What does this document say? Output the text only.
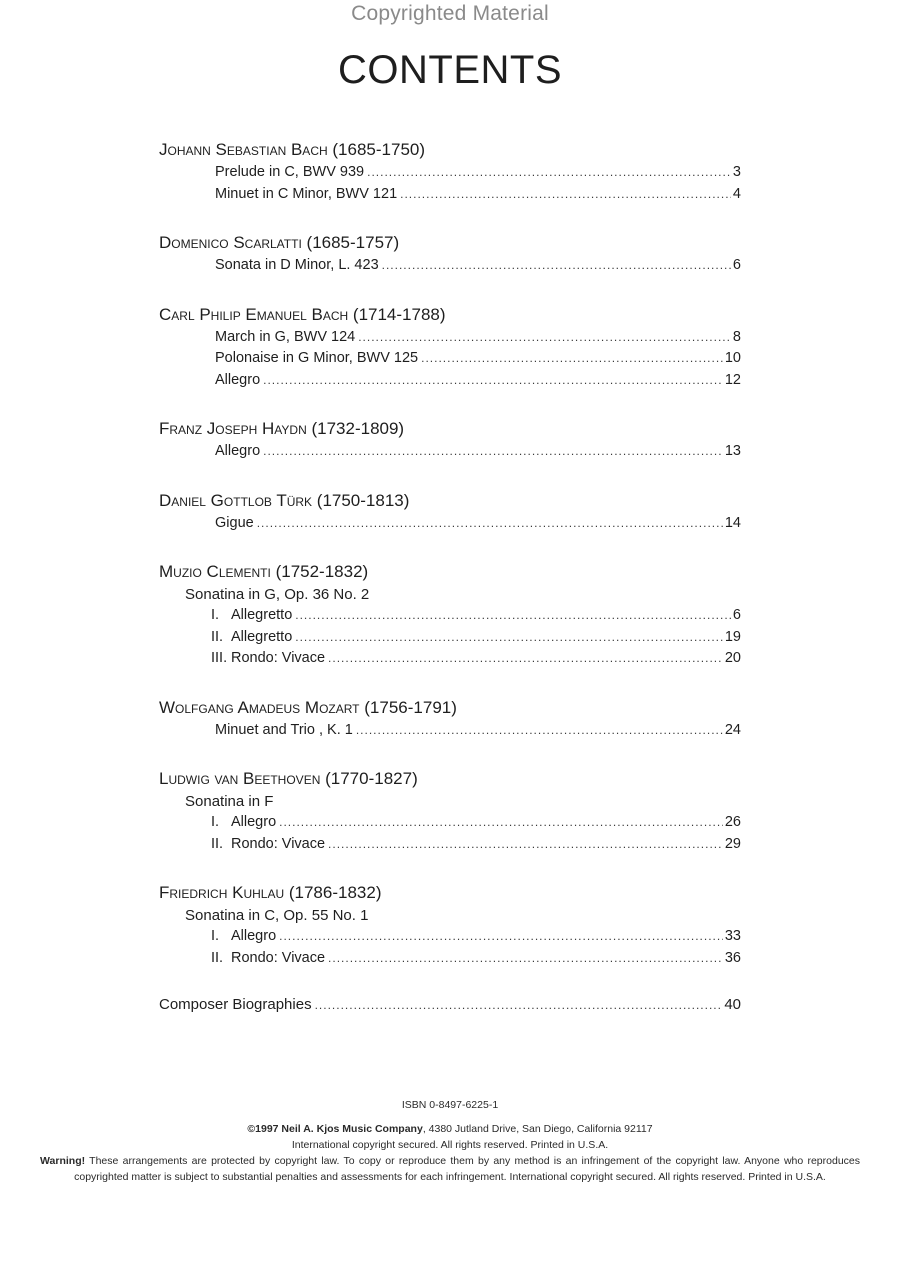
Copyrighted Material
CONTENTS
Johann Sebastian Bach (1685-1750)
Prelude in C, BWV 939 .....	3
Minuet in C Minor, BWV 121 .....	4
Domenico Scarlatti (1685-1757)
Sonata in D Minor, L. 423 .....	6
Carl Philip Emanuel Bach (1714-1788)
March in G, BWV 124 .....	8
Polonaise in G Minor, BWV 125 .....	10
Allegro .....	12
Franz Joseph Haydn (1732-1809)
Allegro .....	13
Daniel Gottlob Türk (1750-1813)
Gigue .....	14
Muzio Clementi (1752-1832)
Sonatina in G, Op. 36 No. 2
I. Allegretto .....	6
II. Allegretto .....	19
III. Rondo: Vivace .....	20
Wolfgang Amadeus Mozart (1756-1791)
Minuet and Trio , K. 1 .....	24
Ludwig van Beethoven (1770-1827)
Sonatina in F
I. Allegro .....	26
II. Rondo: Vivace .....	29
Friedrich Kuhlau (1786-1832)
Sonatina in C, Op. 55 No. 1
I. Allegro .....	33
II. Rondo: Vivace .....	36
Composer Biographies .....	40
ISBN 0-8497-6225-1
©1997 Neil A. Kjos Music Company, 4380 Jutland Drive, San Diego, California 92117
International copyright secured. All rights reserved. Printed in U.S.A.
Warning! These arrangements are protected by copyright law. To copy or reproduce them by any method is an infringement of the copyright law. Anyone who reproduces copyrighted matter is subject to substantial penalties and assessments for each infringement. International copyright secured. All rights reserved. Printed in U.S.A.
